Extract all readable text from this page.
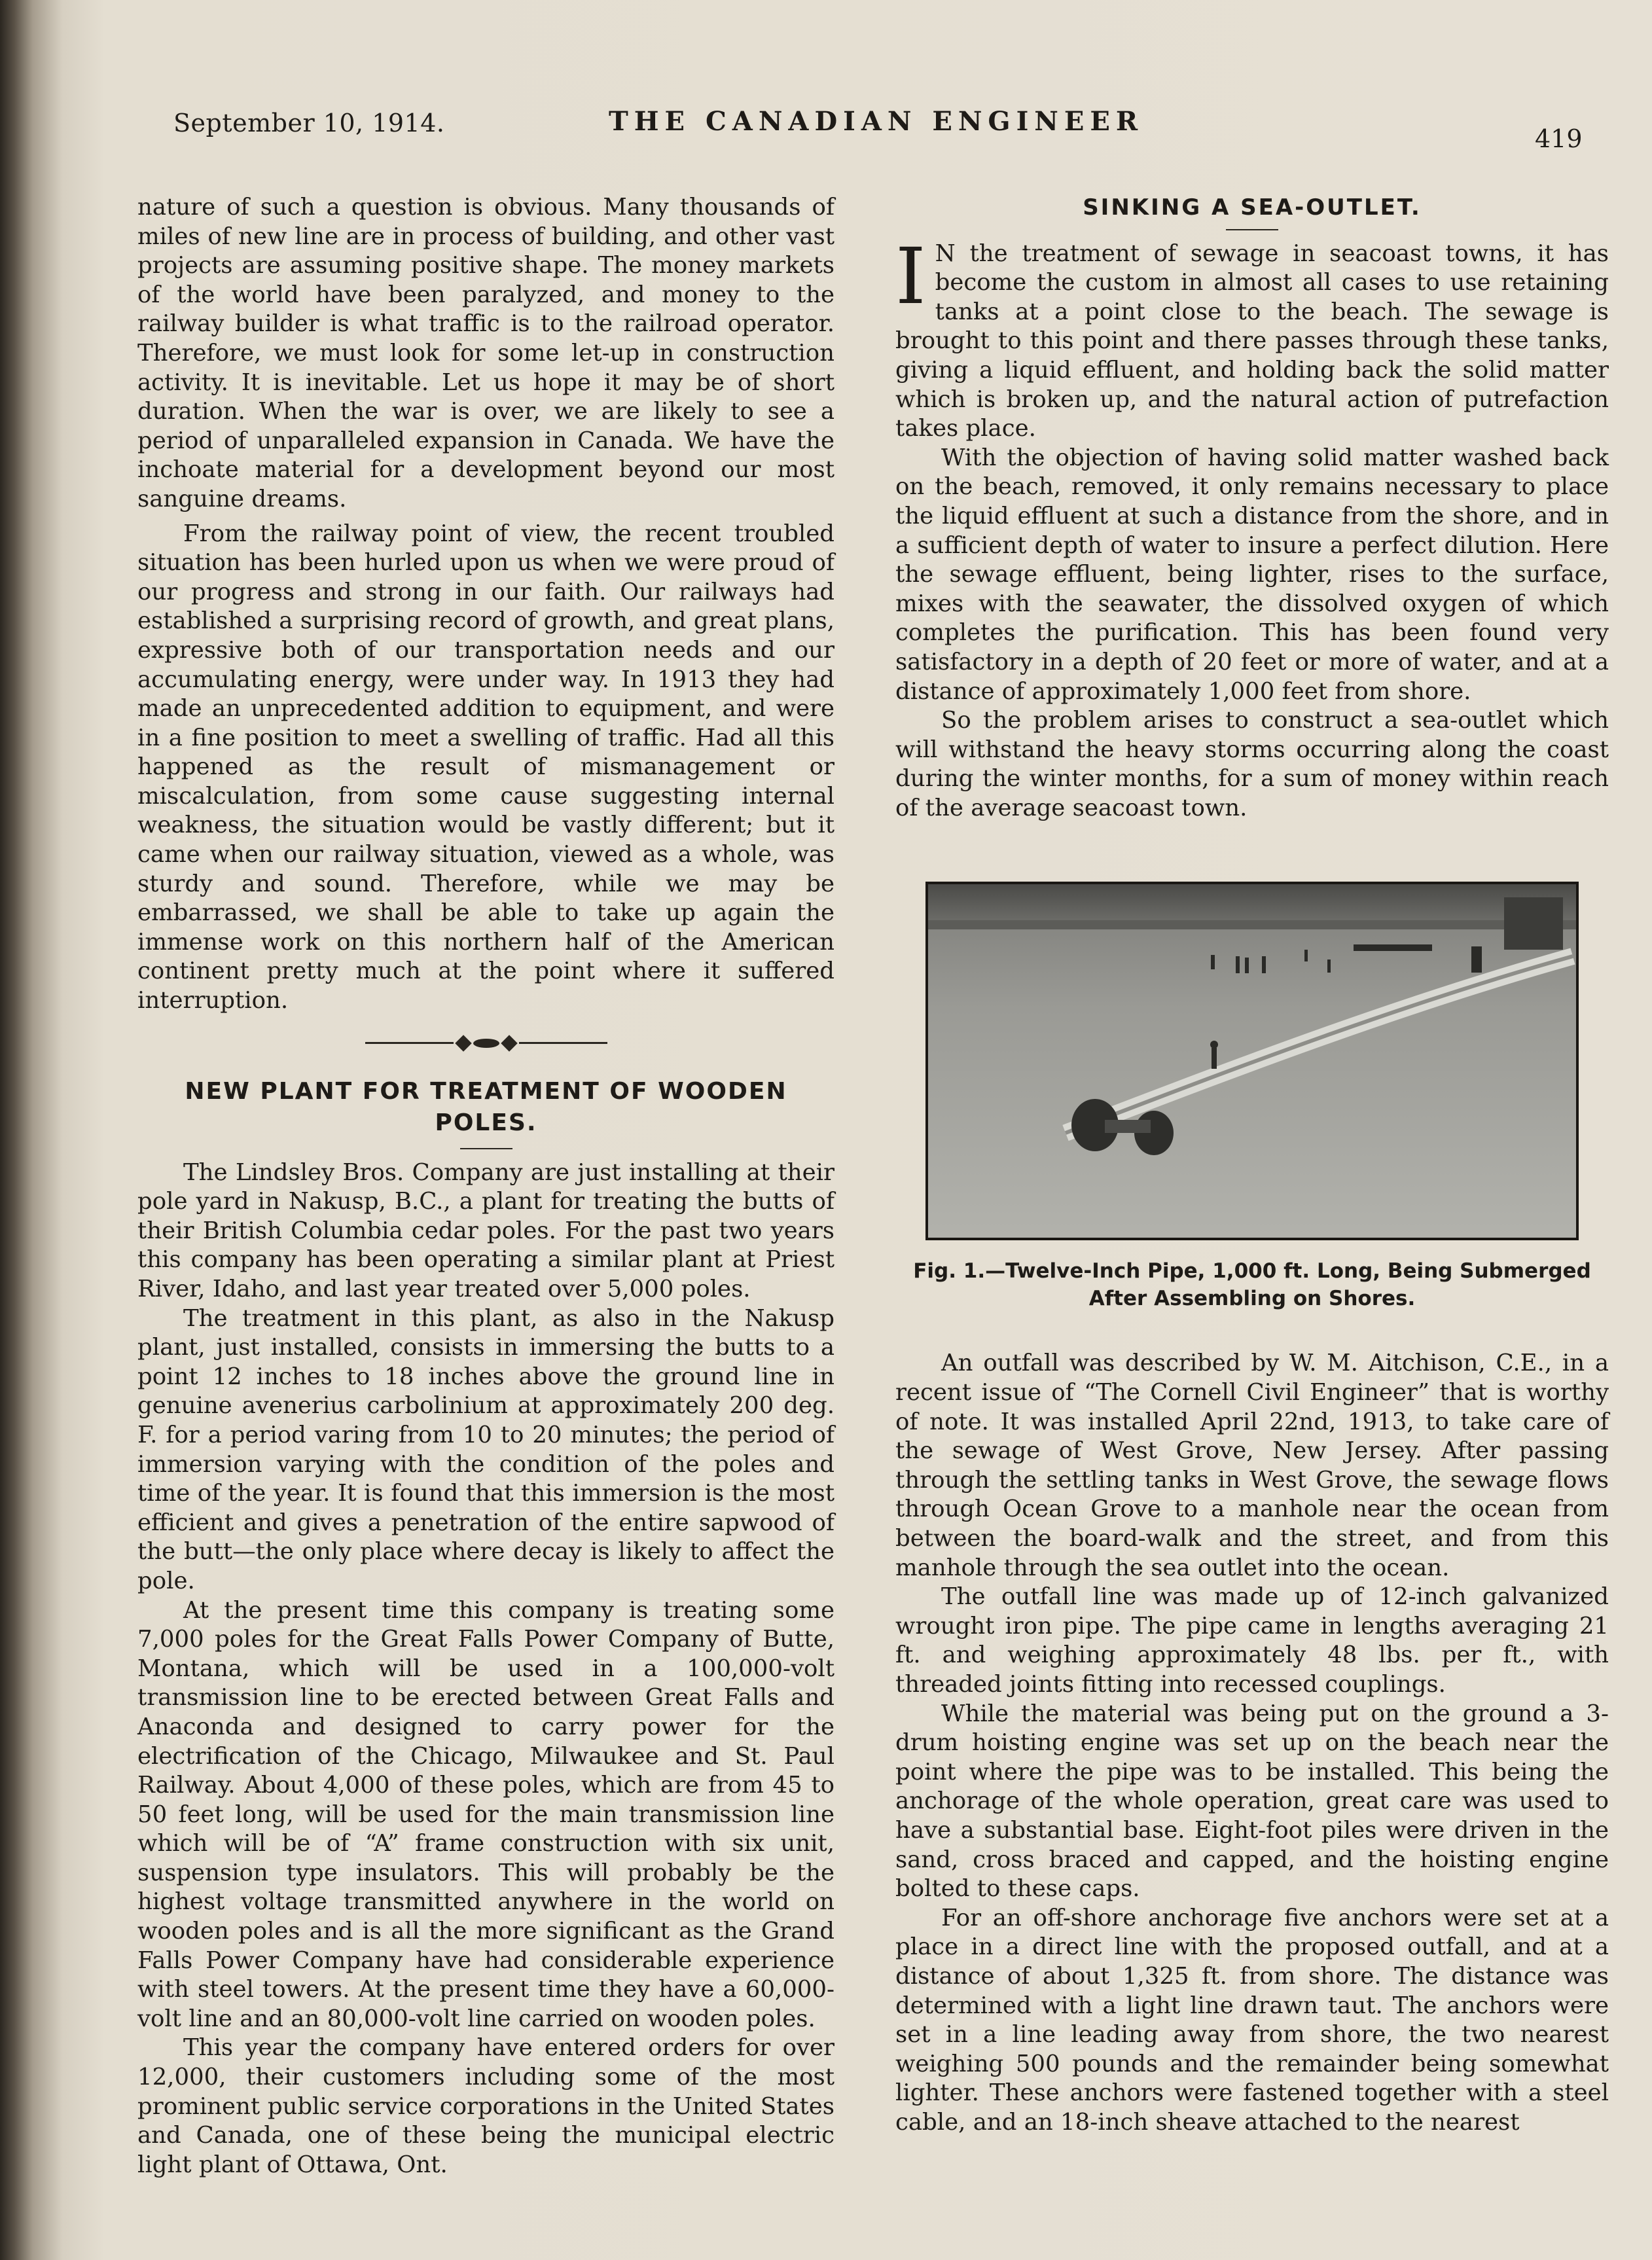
September 10, 1914.	THE CANADIAN ENGINEER
419

nature of such a question is obvious. Many thousands of miles of new line are in process of building, and other vast projects are assuming positive shape. The money markets of the world have been paralyzed, and money to the railway builder is what traffic is to the railroad operator. Therefore, we must look for some let-up in construction activity. It is inevitable. Let us hope it may be of short duration. When the war is over, we are likely to see a period of unparalleled expansion in Canada. We have the inchoate material for a development beyond our most sanguine dreams.

From the railway point of view, the recent troubled situation has been hurled upon us when we were proud of our progress and strong in our faith. Our railways had established a surprising record of growth, and great plans, expressive both of our transportation needs and our accumulating energy, were under way. In 1913 they had made an unprecedented addition to equipment, and were in a fine position to meet a swelling of traffic. Had all this happened as the result of mismanagement or miscalculation, from some cause suggesting internal weakness, the situation would be vastly different; but it came when our railway situation, viewed as a whole, was sturdy and sound. Therefore, while we may be embarrassed, we shall be able to take up again the immense work on this northern half of the American continent pretty much at the point where it suffered interruption.

NEW PLANT FOR TREATMENT OF WOODEN POLES.

The Lindsley Bros. Company are just installing at their pole yard in Nakusp, B.C., a plant for treating the butts of their British Columbia cedar poles. For the past two years this company has been operating a similar plant at Priest River, Idaho, and last year treated over 5,000 poles.

The treatment in this plant, as also in the Nakusp plant, just installed, consists in immersing the butts to a point 12 inches to 18 inches above the ground line in genuine avenerius carbolinium at approximately 200 deg. F. for a period varing from 10 to 20 minutes; the period of immersion varying with the condition of the poles and time of the year. It is found that this immersion is the most efficient and gives a penetration of the entire sapwood of the butt—the only place where decay is likely to affect the pole.

At the present time this company is treating some 7,000 poles for the Great Falls Power Company of Butte, Montana, which will be used in a 100,000-volt transmission line to be erected between Great Falls and Anaconda and designed to carry power for the electrification of the Chicago, Milwaukee and St. Paul Railway. About 4,000 of these poles, which are from 45 to 50 feet long, will be used for the main transmission line which will be of “A” frame construction with six unit, suspension type insulators. This will probably be the highest voltage transmitted anywhere in the world on wooden poles and is all the more significant as the Grand Falls Power Company have had considerable experience with steel towers. At the present time they have a 60,000-volt line and an 80,000-volt line carried on wooden poles.

This year the company have entered orders for over 12,000, their customers including some of the most prominent public service corporations in the United States and Canada, one of these being the municipal electric light plant of Ottawa, Ont.

SINKING A SEA-OUTLET.

I N the treatment of sewage in seacoast towns, it has become the custom in almost all cases to use retaining tanks at a point close to the beach. The sewage is brought to this point and there passes through these tanks, giving a liquid effluent, and holding back the solid matter which is broken up, and the natural action of putrefaction takes place.

With the objection of having solid matter washed back on the beach, removed, it only remains necessary to place the liquid effluent at such a distance from the shore, and in a sufficient depth of water to insure a perfect dilution. Here the sewage effluent, being lighter, rises to the surface, mixes with the seawater, the dissolved oxygen of which completes the purification. This has been found very satisfactory in a depth of 20 feet or more of water, and at a distance of approximately 1,000 feet from shore.

So the problem arises to construct a sea-outlet which will withstand the heavy storms occurring along the coast during the winter months, for a sum of money within reach of the average seacoast town.

Fig. 1.—Twelve-Inch Pipe, 1,000 ft. Long, Being Submerged After Assembling on Shores.

An outfall was described by W. M. Aitchison, C.E., in a recent issue of “The Cornell Civil Engineer” that is worthy of note. It was installed April 22nd, 1913, to take care of the sewage of West Grove, New Jersey. After passing through the settling tanks in West Grove, the sewage flows through Ocean Grove to a manhole near the ocean from between the board-walk and the street, and from this manhole through the sea outlet into the ocean.

The outfall line was made up of 12-inch galvanized wrought iron pipe. The pipe came in lengths averaging 21 ft. and weighing approximately 48 lbs. per ft., with threaded joints fitting into recessed couplings.

While the material was being put on the ground a 3-drum hoisting engine was set up on the beach near the point where the pipe was to be installed. This being the anchorage of the whole operation, great care was used to have a substantial base. Eight-foot piles were driven in the sand, cross braced and capped, and the hoisting engine bolted to these caps.

For an off-shore anchorage five anchors were set at a place in a direct line with the proposed outfall, and at a distance of about 1,325 ft. from shore. The distance was determined with a light line drawn taut. The anchors were set in a line leading away from shore, the two nearest weighing 500 pounds and the remainder being somewhat lighter. These anchors were fastened together with a steel cable, and an 18-inch sheave attached to the nearest
